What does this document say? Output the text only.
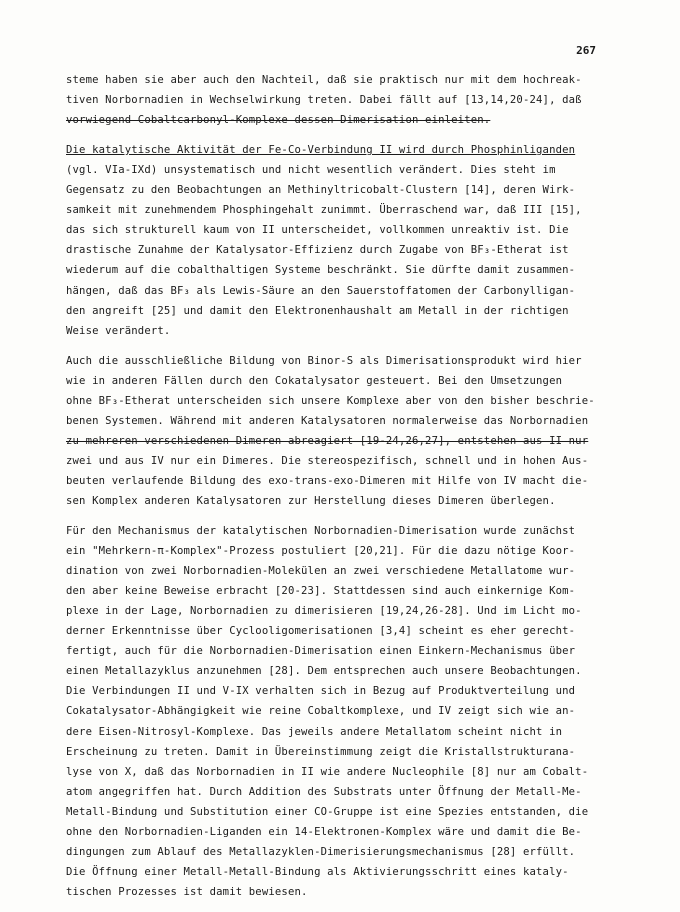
267
steme haben sie aber auch den Nachteil, daß sie praktisch nur mit dem hochreak-
tiven Norbornadien in Wechselwirkung treten. Dabei fällt auf [13,14,20-24], daß
vorwiegend Cobaltcarbonyl-Komplexe dessen Dimerisation einleiten.
Die katalytische Aktivität der Fe-Co-Verbindung II wird durch Phosphinliganden
(vgl. VIa-IXd) unsystematisch und nicht wesentlich verändert. Dies steht im
Gegensatz zu den Beobachtungen an Methinyltricobalt-Clustern [14], deren Wirk-
samkeit mit zunehmendem Phosphingehalt zunimmt. Überraschend war, daß III [15],
das sich strukturell kaum von II unterscheidet, vollkommen unreaktiv ist. Die
drastische Zunahme der Katalysator-Effizienz durch Zugabe von BF₃-Etherat ist
wiederum auf die cobalthaltigen Systeme beschränkt. Sie dürfte damit zusammen-
hängen, daß das BF₃ als Lewis-Säure an den Sauerstoffatomen der Carbonylligan-
den angreift [25] und damit den Elektronenhaushalt am Metall in der richtigen
Weise verändert.
Auch die ausschließliche Bildung von Binor-S als Dimerisationsprodukt wird hier
wie in anderen Fällen durch den Cokatalysator gesteuert. Bei den Umsetzungen
ohne BF₃-Etherat unterscheiden sich unsere Komplexe aber von den bisher beschrie-
benen Systemen. Während mit anderen Katalysatoren normalerweise das Norbornadien
zu mehreren verschiedenen Dimeren abreagiert [19-24,26,27], entstehen aus II nur
zwei und aus IV nur ein Dimeres. Die stereospezifisch, schnell und in hohen Aus-
beuten verlaufende Bildung des exo-trans-exo-Dimeren mit Hilfe von IV macht die-
sen Komplex anderen Katalysatoren zur Herstellung dieses Dimeren überlegen.
Für den Mechanismus der katalytischen Norbornadien-Dimerisation wurde zunächst
ein "Mehrkern-π-Komplex"-Prozess postuliert [20,21]. Für die dazu nötige Koor-
dination von zwei Norbornadien-Molekülen an zwei verschiedene Metallatome wur-
den aber keine Beweise erbracht [20-23]. Stattdessen sind auch einkernige Kom-
plexe in der Lage, Norbornadien zu dimerisieren [19,24,26-28]. Und im Licht mo-
derner Erkenntnisse über Cyclooligomerisationen [3,4] scheint es eher gerecht-
fertigt, auch für die Norbornadien-Dimerisation einen Einkern-Mechanismus über
einen Metallazyklus anzunehmen [28]. Dem entsprechen auch unsere Beobachtungen.
Die Verbindungen II und V-IX verhalten sich in Bezug auf Produktverteilung und
Cokatalysator-Abhängigkeit wie reine Cobaltkomplexe, und IV zeigt sich wie an-
dere Eisen-Nitrosyl-Komplexe. Das jeweils andere Metallatom scheint nicht in
Erscheinung zu treten. Damit in Übereinstimmung zeigt die Kristallstrukturana-
lyse von X, daß das Norbornadien in II wie andere Nucleophile [8] nur am Cobalt-
atom angegriffen hat. Durch Addition des Substrats unter Öffnung der Metall-Me-
Metall-Bindung und Substitution einer CO-Gruppe ist eine Spezies entstanden, die
ohne den Norbornadien-Liganden ein 14-Elektronen-Komplex wäre und damit die Be-
dingungen zum Ablauf des Metallazyklen-Dimerisierungsmechanismus [28] erfüllt.
Die Öffnung einer Metall-Metall-Bindung als Aktivierungsschritt eines kataly-
tischen Prozesses ist damit bewiesen.
